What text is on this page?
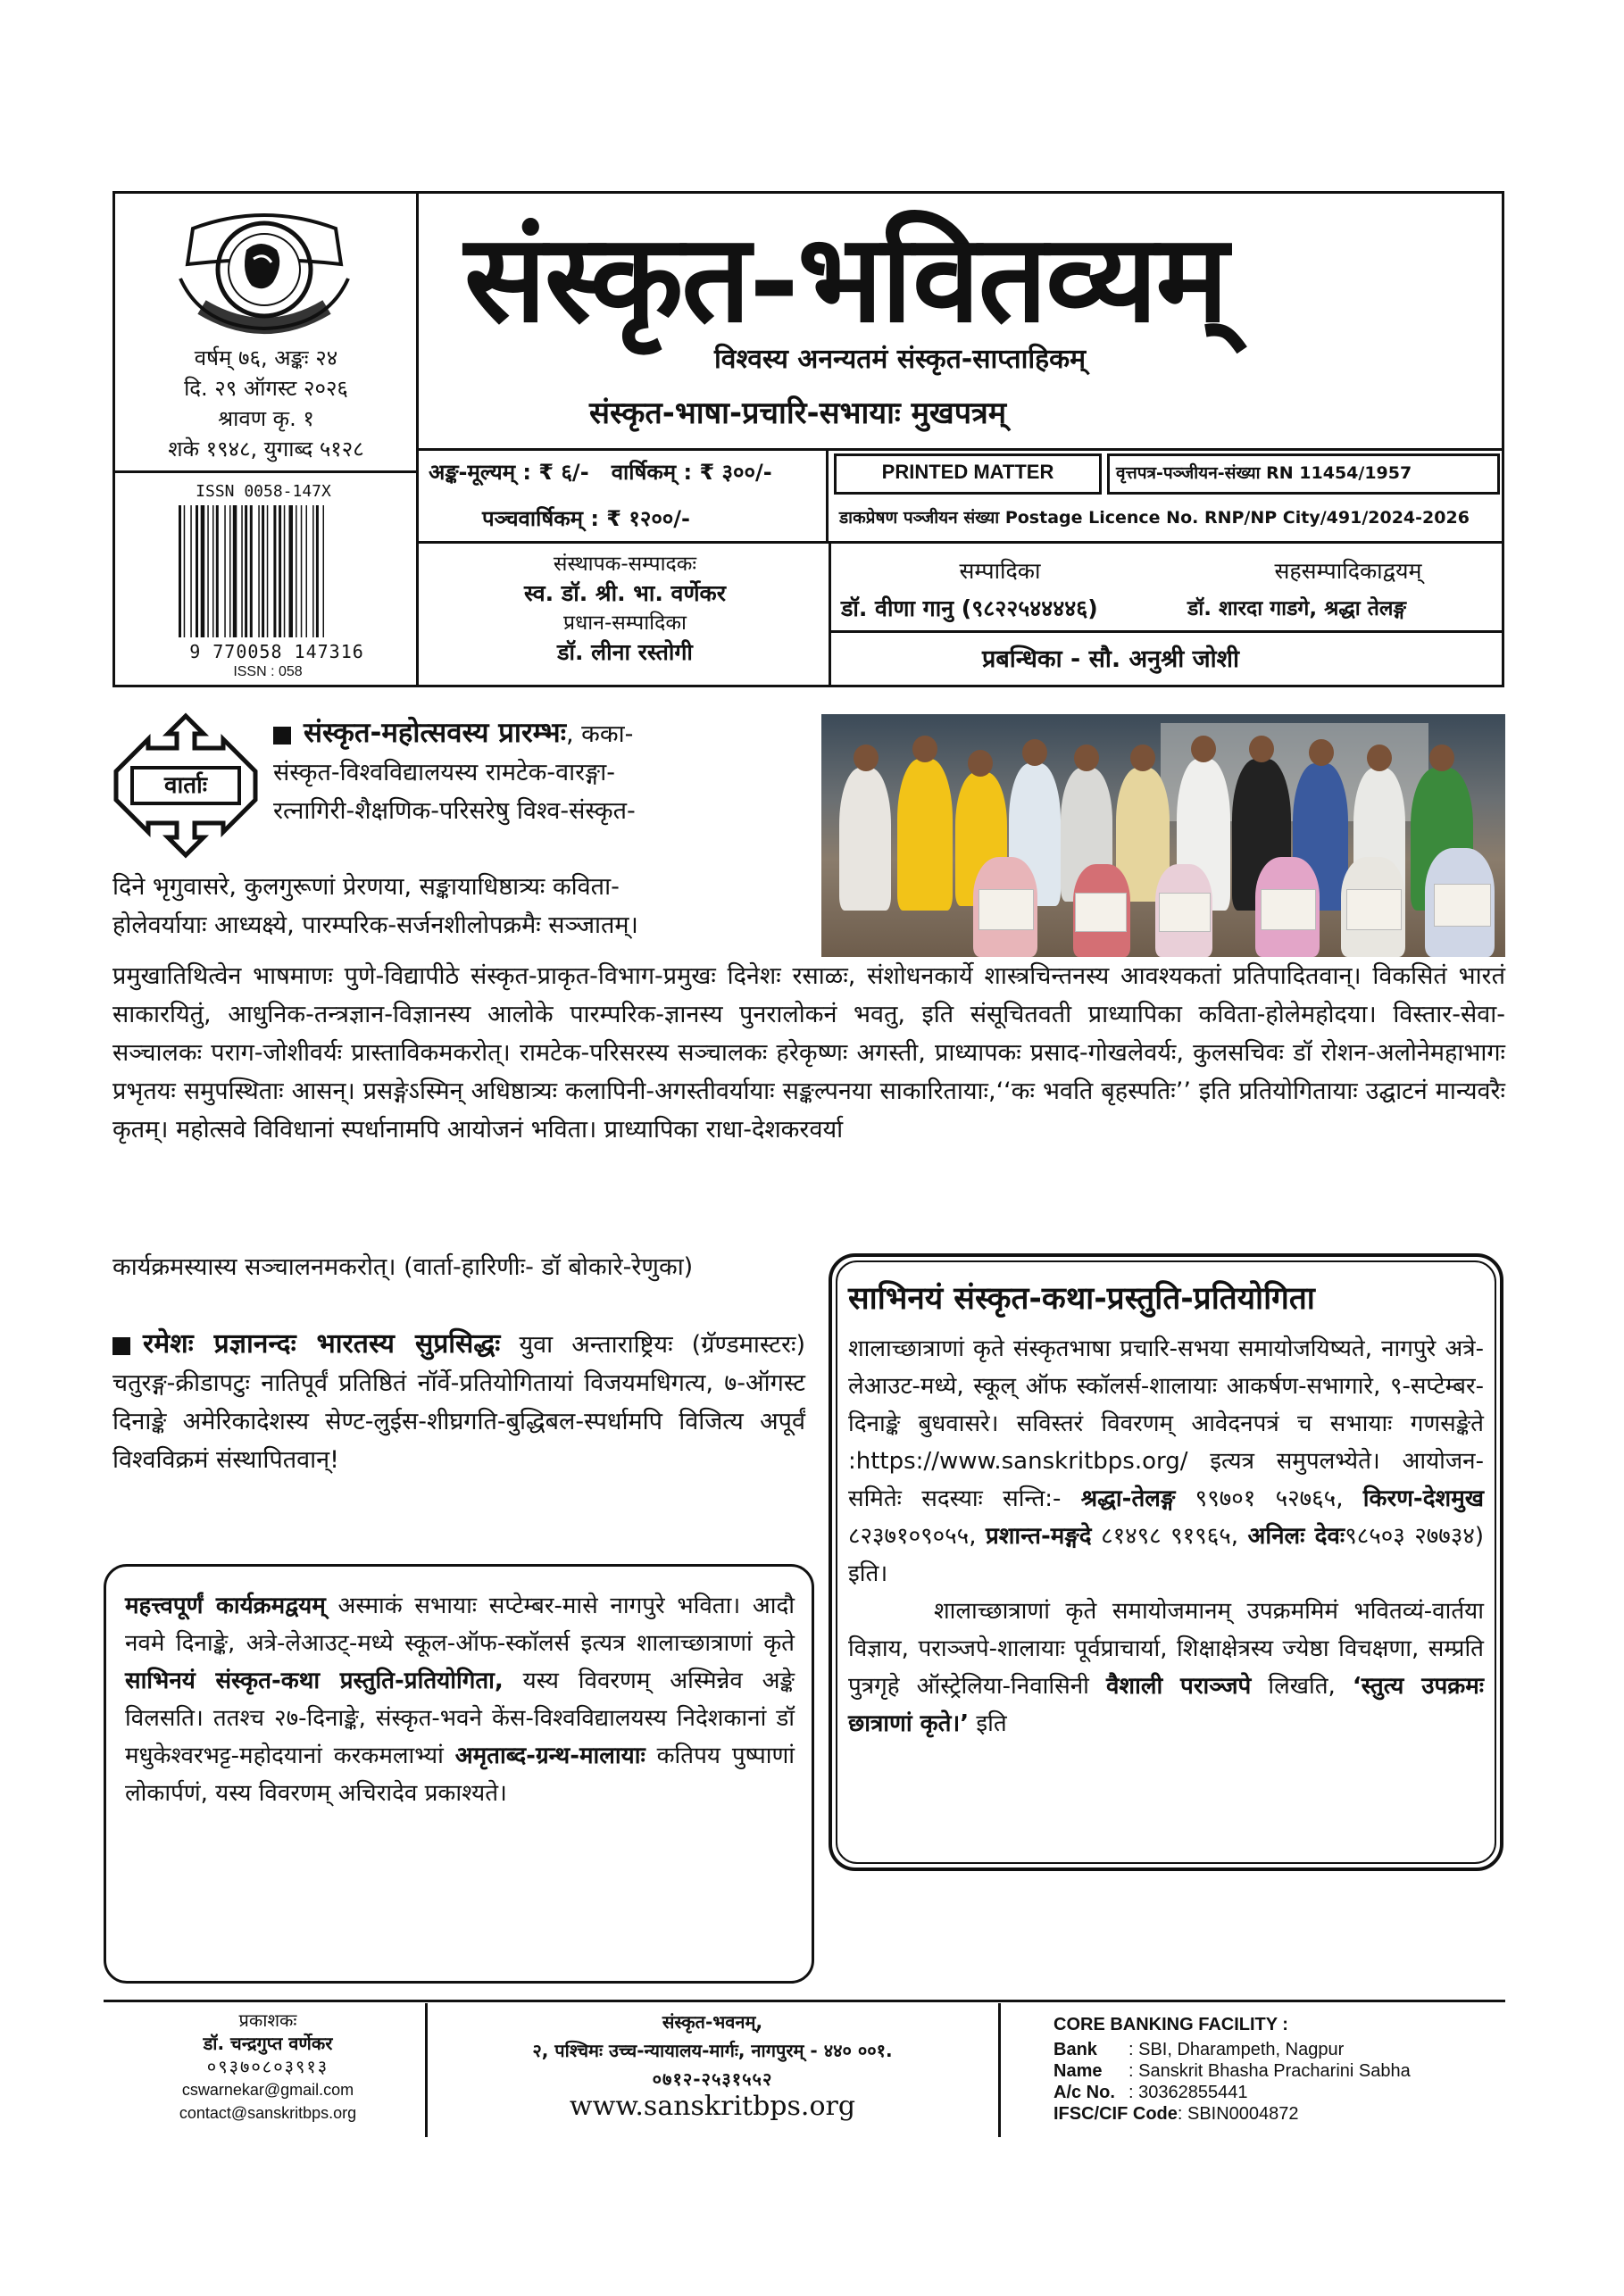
वर्षम् ७६, अङ्कः २४
दि. २९ ऑगस्ट २०२६
श्रावण कृ. १
शके १९४८, युगाब्द ५१२८
ISSN 0058-147X
9 770058 147316
ISSN : 058
संस्कृत-भवितव्यम्
विश्वस्य अनन्यतमं संस्कृत-साप्ताहिकम्
संस्कृत-भाषा-प्रचारि-सभायाः मुखपत्रम्
अङ्क-मूल्यम् : ₹ ६/-   वार्षिकम् : ₹ ३००/-
पञ्चवार्षिकम् : ₹ १२००/-
PRINTED MATTER	वृत्तपत्र-पञ्जीयन-संख्या RN 11454/1957
डाकप्रेषण पञ्जीयन संख्या Postage Licence No. RNP/NP City/491/2024-2026
संस्थापक-सम्पादकः
स्व. डॉ. श्री. भा. वर्णेकर
प्रधान-सम्पादिका
डॉ. लीना रस्तोगी
सम्पादिका
डॉ. वीणा गानु (९८२२५४४४४६)
सहसम्पादिकाद्वयम्
डॉ. शारदा गाडगे, श्रद्धा तेलङ्ग
प्रबन्धिका - सौ. अनुश्री जोशी
वार्ताः
संस्कृत-महोत्सवस्य प्रारम्भः, कका-
संस्कृत-विश्वविद्यालयस्य रामटेक-वारङ्गा-
रत्नागिरी-शैक्षणिक-परिसरेषु विश्व-संस्कृत-
दिने भृगुवासरे, कुलगुरूणां प्रेरणया, सङ्कायाधिष्ठात्र्यः कविता-
होलेवर्यायाः आध्यक्ष्ये, पारम्परिक-सर्जनशीलोपक्रमैः सञ्जातम्।
प्रमुखातिथित्वेन भाषमाणः पुणे-विद्यापीठे संस्कृत-प्राकृत-विभाग-प्रमुखः दिनेशः रसाळः, संशोधनकार्ये शास्त्रचिन्तनस्य आवश्यकतां प्रतिपादितवान्। विकसितं भारतं साकारयितुं, आधुनिक-तन्त्रज्ञान-विज्ञानस्य आलोके पारम्परिक-ज्ञानस्य पुनरालोकनं भवतु, इति संसूचितवती प्राध्यापिका कविता-होलेमहोदया। विस्तार-सेवा-सञ्चालकः पराग-जोशीवर्यः प्रास्ताविकमकरोत्। रामटेक-परिसरस्य सञ्चालकः हरेकृष्णः अगस्ती, प्राध्यापकः प्रसाद-गोखलेवर्यः, कुलसचिवः डॉ रोशन-अलोनेमहाभागः प्रभृतयः समुपस्थिताः आसन्। प्रसङ्गेऽस्मिन् अधिष्ठात्र्यः कलापिनी-अगस्तीवर्यायाः सङ्कल्पनया साकारितायाः,‘‘कः भवति बृहस्पतिः’’ इति प्रतियोगितायाः उद्घाटनं मान्यवरैः कृतम्। महोत्सवे विविधानां स्पर्धानामपि आयोजनं भविता। प्राध्यापिका राधा-देशकरवर्या
कार्यक्रमस्यास्य सञ्चालनमकरोत्। (वार्ता-हारिणीः- डॉ बोकारे-रेणुका)
रमेशः प्रज्ञानन्दः भारतस्य सुप्रसिद्धः युवा अन्ताराष्ट्रियः (ग्रॅण्डमास्टरः) चतुरङ्ग-क्रीडापटुः नातिपूर्वं प्रतिष्ठितं नॉर्वे-प्रतियोगितायां विजयमधिगत्य, ७-ऑगस्ट दिनाङ्के अमेरिकादेशस्य सेण्ट-लुईस-शीघ्रगति-बुद्धिबल-स्पर्धामपि विजित्य अपूर्वं विश्वविक्रमं संस्थापितवान्!
महत्त्वपूर्णं कार्यक्रमद्वयम् अस्माकं सभायाः सप्टेम्बर-मासे नागपुरे भविता। आदौ नवमे दिनाङ्के, अत्रे-लेआउट्-मध्ये स्कूल-ऑफ-स्कॉलर्स इत्यत्र शालाच्छात्राणां कृते साभिनयं संस्कृत-कथा प्रस्तुति-प्रतियोगिता, यस्य विवरणम् अस्मिन्नेव अङ्के विलसति। ततश्च २७-दिनाङ्के, संस्कृत-भवने केंस-विश्वविद्यालयस्य निदेशकानां डॉ मधुकेश्वरभट्ट-महोदयानां करकमलाभ्यां अमृताब्द-ग्रन्थ-मालायाः कतिपय पुष्पाणां लोकार्पणं, यस्य विवरणम् अचिरादेव प्रकाश्यते।
साभिनयं संस्कृत-कथा-प्रस्तुति-प्रतियोगिता
शालाच्छात्राणां कृते संस्कृतभाषा प्रचारि-सभया समायोजयिष्यते, नागपुरे अत्रे-लेआउट-मध्ये, स्कूल् ऑफ स्कॉलर्स-शालायाः आकर्षण-सभागारे, ९-सप्टेम्बर-दिनाङ्के बुधवासरे। सविस्तरं विवरणम् आवेदनपत्रं च सभायाः गणसङ्केते :https://www.sanskritbps.org/ इत्यत्र समुपलभ्येते। आयोजन-समितेः सदस्याः सन्ति:- श्रद्धा-तेलङ्ग ९९७०१ ५२७६५, किरण-देशमुख ८२३७१०९०५५, प्रशान्त-मङ्गदे ८१४९८ ९१९६५, अनिलः देवः९८५०३ २७७३४) इति।
शालाच्छात्राणां कृते समायोजमानम् उपक्रममिमं भवितव्यं-वार्तया विज्ञाय, पराञ्जपे-शालायाः पूर्वप्राचार्या, शिक्षाक्षेत्रस्य ज्येष्ठा विचक्षणा, सम्प्रति पुत्रगृहे ऑस्ट्रेलिया-निवासिनी वैशाली पराञ्जपे लिखति, ‘स्तुत्य उपक्रमः छात्राणां कृते।’ इति
प्रकाशकः
डॉ. चन्द्रगुप्त वर्णेकर
०९३७०८०३९१३
cswarnekar@gmail.com
contact@sanskritbps.org
संस्कृत-भवनम्,
२, पश्चिमः उच्च-न्यायालय-मार्गः, नागपुरम् - ४४० ००१.
०७१२-२५३१५५२
www.sanskritbps.org
CORE BANKING FACILITY :
Bank : SBI, Dharampeth, Nagpur
Name : Sanskrit Bhasha Pracharini Sabha
A/c No. : 30362855441
IFSC/CIF Code: SBIN0004872
